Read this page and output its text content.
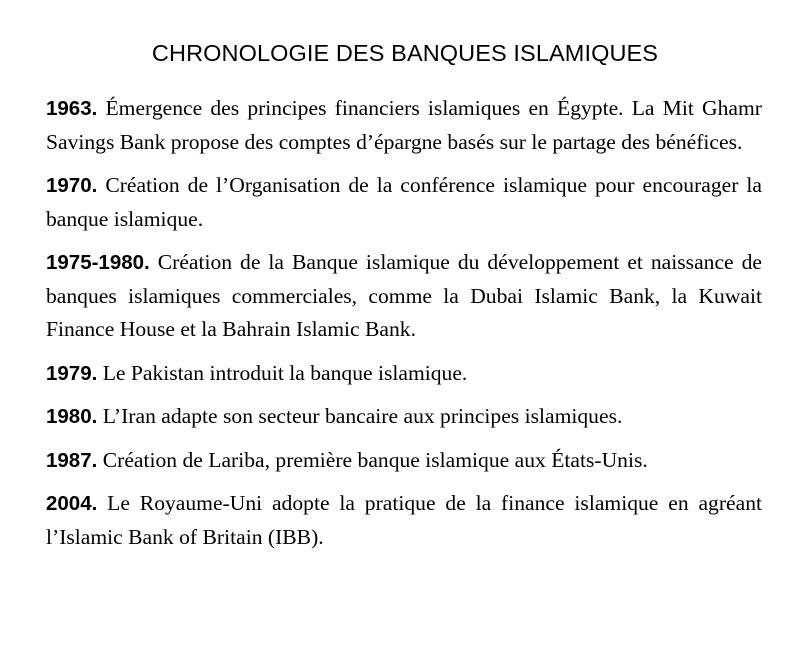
CHRONOLOGIE DES BANQUES ISLAMIQUES

1963. Émergence des principes financiers islamiques en Égypte. La Mit Ghamr Savings Bank propose des comptes d’épargne basés sur le partage des bénéfices.

1970. Création de l’Organisation de la conférence islamique pour encourager la banque islamique.

1975-1980. Création de la Banque islamique du développement et naissance de banques islamiques commerciales, comme la Dubai Islamic Bank, la Kuwait Finance House et la Bahrain Islamic Bank.

1979. Le Pakistan introduit la banque islamique.

1980. L’Iran adapte son secteur bancaire aux principes islamiques.

1987. Création de Lariba, première banque islamique aux États-Unis.

2004. Le Royaume-Uni adopte la pratique de la finance islamique en agréant l’Islamic Bank of Britain (IBB).
